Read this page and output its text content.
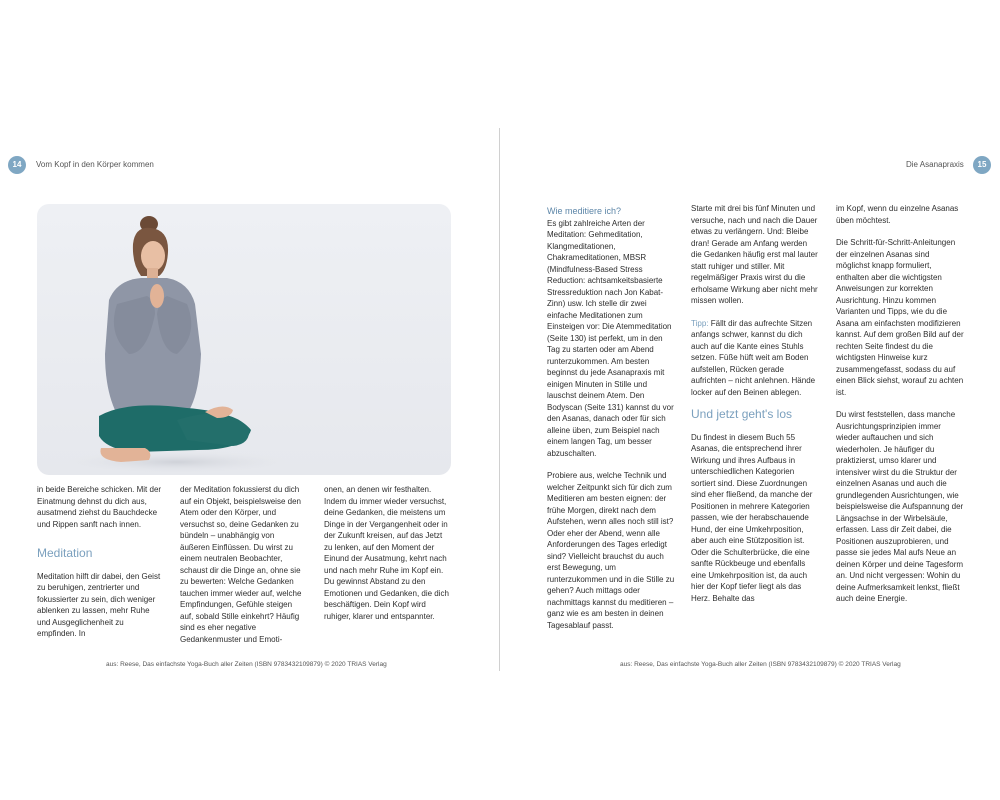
14	Vom Kopf in den Körper kommen

in beide Bereiche schicken. Mit der Einatmung dehnst du dich aus, ausatmend ziehst du Bauchdecke und Rippen sanft nach innen.

Meditation

Meditation hilft dir dabei, den Geist zu beruhigen, zentrierter und fokussierter zu sein, dich weniger ablenken zu lassen, mehr Ruhe und Ausgeglichenheit zu empfinden. In

der Meditation fokussierst du dich auf ein Objekt, beispielsweise den Atem oder den Körper, und versuchst so, deine Gedanken zu bündeln – unabhängig von äußeren Einflüssen. Du wirst zu einem neutralen Beobachter, schaust dir die Dinge an, ohne sie zu bewerten: Welche Gedanken tauchen immer wieder auf, welche Empfindungen, Gefühle steigen auf, sobald Stille einkehrt? Häufig sind es eher negative Gedankenmuster und Emoti-

onen, an denen wir festhalten. Indem du immer wieder versuchst, deine Gedanken, die meistens um Dinge in der Vergangenheit oder in der Zukunft kreisen, auf das Jetzt zu lenken, auf den Moment der Einund der Ausatmung, kehrt nach und nach mehr Ruhe im Kopf ein. Du gewinnst Abstand zu den Emotionen und Gedanken, die dich beschäftigen. Dein Kopf wird ruhiger, klarer und entspannter.

aus: Reese, Das einfachste Yoga-Buch aller Zeiten (ISBN 9783432109879) © 2020 TRIAS Verlag
Die Asanapraxis	15
Wie meditiere ich?

Es gibt zahlreiche Arten der Meditation: Gehmeditation, Klangmeditationen, Chakrameditationen, MBSR (Mindfulness-Based Stress Reduction: achtsamkeitsbasierte Stressreduktion nach Jon Kabat-Zinn) usw. Ich stelle dir zwei einfache Meditationen zum Einsteigen vor: Die Atemmeditation (Seite 130) ist perfekt, um in den Tag zu starten oder am Abend runterzukommen. Am besten beginnst du jede Asanapraxis mit einigen Minuten in Stille und lauschst deinem Atem. Den Bodyscan (Seite 131) kannst du vor den Asanas, danach oder für sich alleine üben, zum Beispiel nach einem langen Tag, um besser abzuschalten.

Probiere aus, welche Technik und welcher Zeitpunkt sich für dich zum Meditieren am besten eignen: der frühe Morgen, direkt nach dem Aufstehen, wenn alles noch still ist? Oder eher der Abend, wenn alle Anforderungen des Tages erledigt sind? Vielleicht brauchst du auch erst Bewegung, um runterzukommen und in die Stille zu gehen? Auch mittags oder nachmittags kannst du meditieren – ganz wie es am besten in deinen Tagesablauf passt.

Starte mit drei bis fünf Minuten und versuche, nach und nach die Dauer etwas zu verlängern. Und: Bleibe dran! Gerade am Anfang werden die Gedanken häufig erst mal lauter statt ruhiger und stiller. Mit regelmäßiger Praxis wirst du die erholsame Wirkung aber nicht mehr missen wollen.

Tipp: Fällt dir das aufrechte Sitzen anfangs schwer, kannst du dich auch auf die Kante eines Stuhls setzen. Füße hüft weit am Boden aufstellen, Rücken gerade aufrichten – nicht anlehnen. Hände locker auf den Beinen ablegen.

Und jetzt geht's los

Du findest in diesem Buch 55 Asanas, die entsprechend ihrer Wirkung und ihres Aufbaus in unterschiedlichen Kategorien sortiert sind. Diese Zuordnungen sind eher fließend, da manche der Positionen in mehrere Kategorien passen, wie der herabschauende Hund, der eine Umkehrposition, aber auch eine Stützposition ist. Oder die Schulterbrücke, die eine sanfte Rückbeuge und ebenfalls eine Umkehrposition ist, da auch hier der Kopf tiefer liegt als das Herz. Behalte das

im Kopf, wenn du einzelne Asanas üben möchtest.

Die Schritt-für-Schritt-Anleitungen der einzelnen Asanas sind möglichst knapp formuliert, enthalten aber die wichtigsten Anweisungen zur korrekten Ausrichtung. Hinzu kommen Varianten und Tipps, wie du die Asana am einfachsten modifizieren kannst. Auf dem großen Bild auf der rechten Seite findest du die wichtigsten Hinweise kurz zusammengefasst, sodass du auf einen Blick siehst, worauf zu achten ist.

Du wirst feststellen, dass manche Ausrichtungsprinzipien immer wieder auftauchen und sich wiederholen. Je häufiger du praktizierst, umso klarer und intensiver wirst du die Struktur der einzelnen Asanas und auch die grundlegenden Ausrichtungen, wie beispielsweise die Aufspannung der Längsachse in der Wirbelsäule, erfassen. Lass dir Zeit dabei, die Positionen auszuprobieren, und passe sie jedes Mal aufs Neue an deinen Körper und deine Tagesform an. Und nicht vergessen: Wohin du deine Aufmerksamkeit lenkst, fließt auch deine Energie.

aus: Reese, Das einfachste Yoga-Buch aller Zeiten (ISBN 9783432109879) © 2020 TRIAS Verlag
